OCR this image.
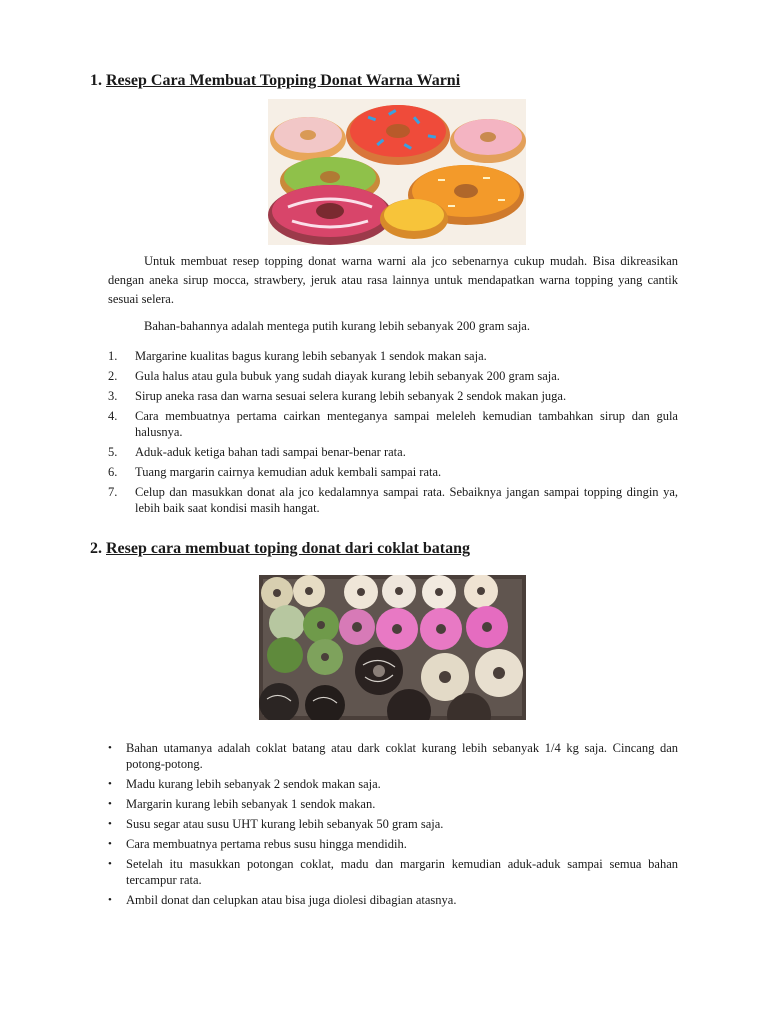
1. Resep Cara Membuat Topping Donat Warna Warni

Untuk membuat resep topping donat warna warni ala jco sebenarnya cukup mudah. Bisa dikreasikan dengan aneka sirup mocca, strawbery, jeruk atau rasa lainnya untuk mendapatkan warna topping yang cantik sesuai selera.

Bahan-bahannya adalah mentega putih kurang lebih sebanyak 200 gram saja.

1. Margarine kualitas bagus kurang lebih sebanyak 1 sendok makan saja.
2. Gula halus atau gula bubuk yang sudah diayak kurang lebih sebanyak 200 gram saja.
3. Sirup aneka rasa dan warna sesuai selera kurang lebih sebanyak 2 sendok makan juga.
4. Cara membuatnya pertama cairkan menteganya sampai meleleh kemudian tambahkan sirup dan gula halusnya.
5. Aduk-aduk ketiga bahan tadi sampai benar-benar rata.
6. Tuang margarin cairnya kemudian aduk kembali sampai rata.
7. Celup dan masukkan donat ala jco kedalamnya sampai rata. Sebaiknya jangan sampai topping dingin ya, lebih baik saat kondisi masih hangat.
2. Resep cara membuat toping donat dari coklat batang
• Bahan utamanya adalah coklat batang atau dark coklat kurang lebih sebanyak 1/4 kg saja. Cincang dan potong-potong.
• Madu kurang lebih sebanyak 2 sendok makan saja.
• Margarin kurang lebih sebanyak 1 sendok makan.
• Susu segar atau susu UHT kurang lebih sebanyak 50 gram saja.
• Cara membuatnya pertama rebus susu hingga mendidih.
• Setelah itu masukkan potongan coklat, madu dan margarin kemudian aduk-aduk sampai semua bahan tercampur rata.
• Ambil donat dan celupkan atau bisa juga diolesi dibagian atasnya.
